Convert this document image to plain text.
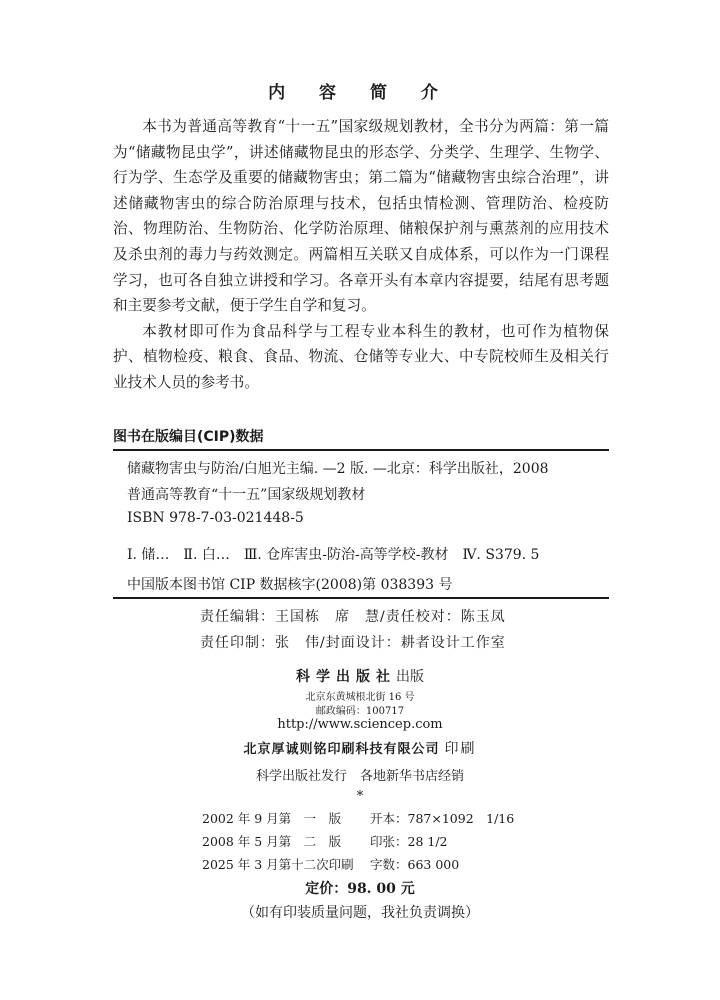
内 容 简 介

本书为普通高等教育“十一五”国家级规划教材，全书分为两篇：第一篇为“储藏物昆虫学”，讲述储藏物昆虫的形态学、分类学、生理学、生物学、行为学、生态学及重要的储藏物害虫；第二篇为“储藏物害虫综合治理”，讲述储藏物害虫的综合防治原理与技术，包括虫情检测、管理防治、检疫防治、物理防治、生物防治、化学防治原理、储粮保护剂与熏蒸剂的应用技术及杀虫剂的毒力与药效测定。两篇相互关联又自成体系，可以作为一门课程学习，也可各自独立讲授和学习。各章开头有本章内容提要，结尾有思考题和主要参考文献，便于学生自学和复习。

本教材即可作为食品科学与工程专业本科生的教材，也可作为植物保护、植物检疫、粮食、食品、物流、仓储等专业大、中专院校师生及相关行业技术人员的参考书。

图书在版编目(CIP)数据
储藏物害虫与防治/白旭光主编. —2 版. —北京：科学出版社，2008
普通高等教育“十一五”国家级规划教材
ISBN 978-7-03-021448-5
Ⅰ. 储…　Ⅱ. 白…　Ⅲ. 仓库害虫-防治-高等学校-教材　Ⅳ. S379. 5
中国版本图书馆 CIP 数据核字(2008)第 038393 号
责任编辑：王国栋　席　慧/责任校对：陈玉凤
责任印制：张　伟/封面设计：耕者设计工作室
科学出版社出版
北京东黄城根北街 16 号
邮政编码：100717
http://www.sciencep.com
北京厚诚则铭印刷科技有限公司 印刷
科学出版社发行　各地新华书店经销
*
2002 年 9 月第　一　版 开本：787×1092　1/16
2008 年 5 月第　二　版 印张：28 1/2
2025 年 3 月第十二次印刷 字数：663 000
定价：98. 00 元
（如有印装质量问题，我社负责调换）
